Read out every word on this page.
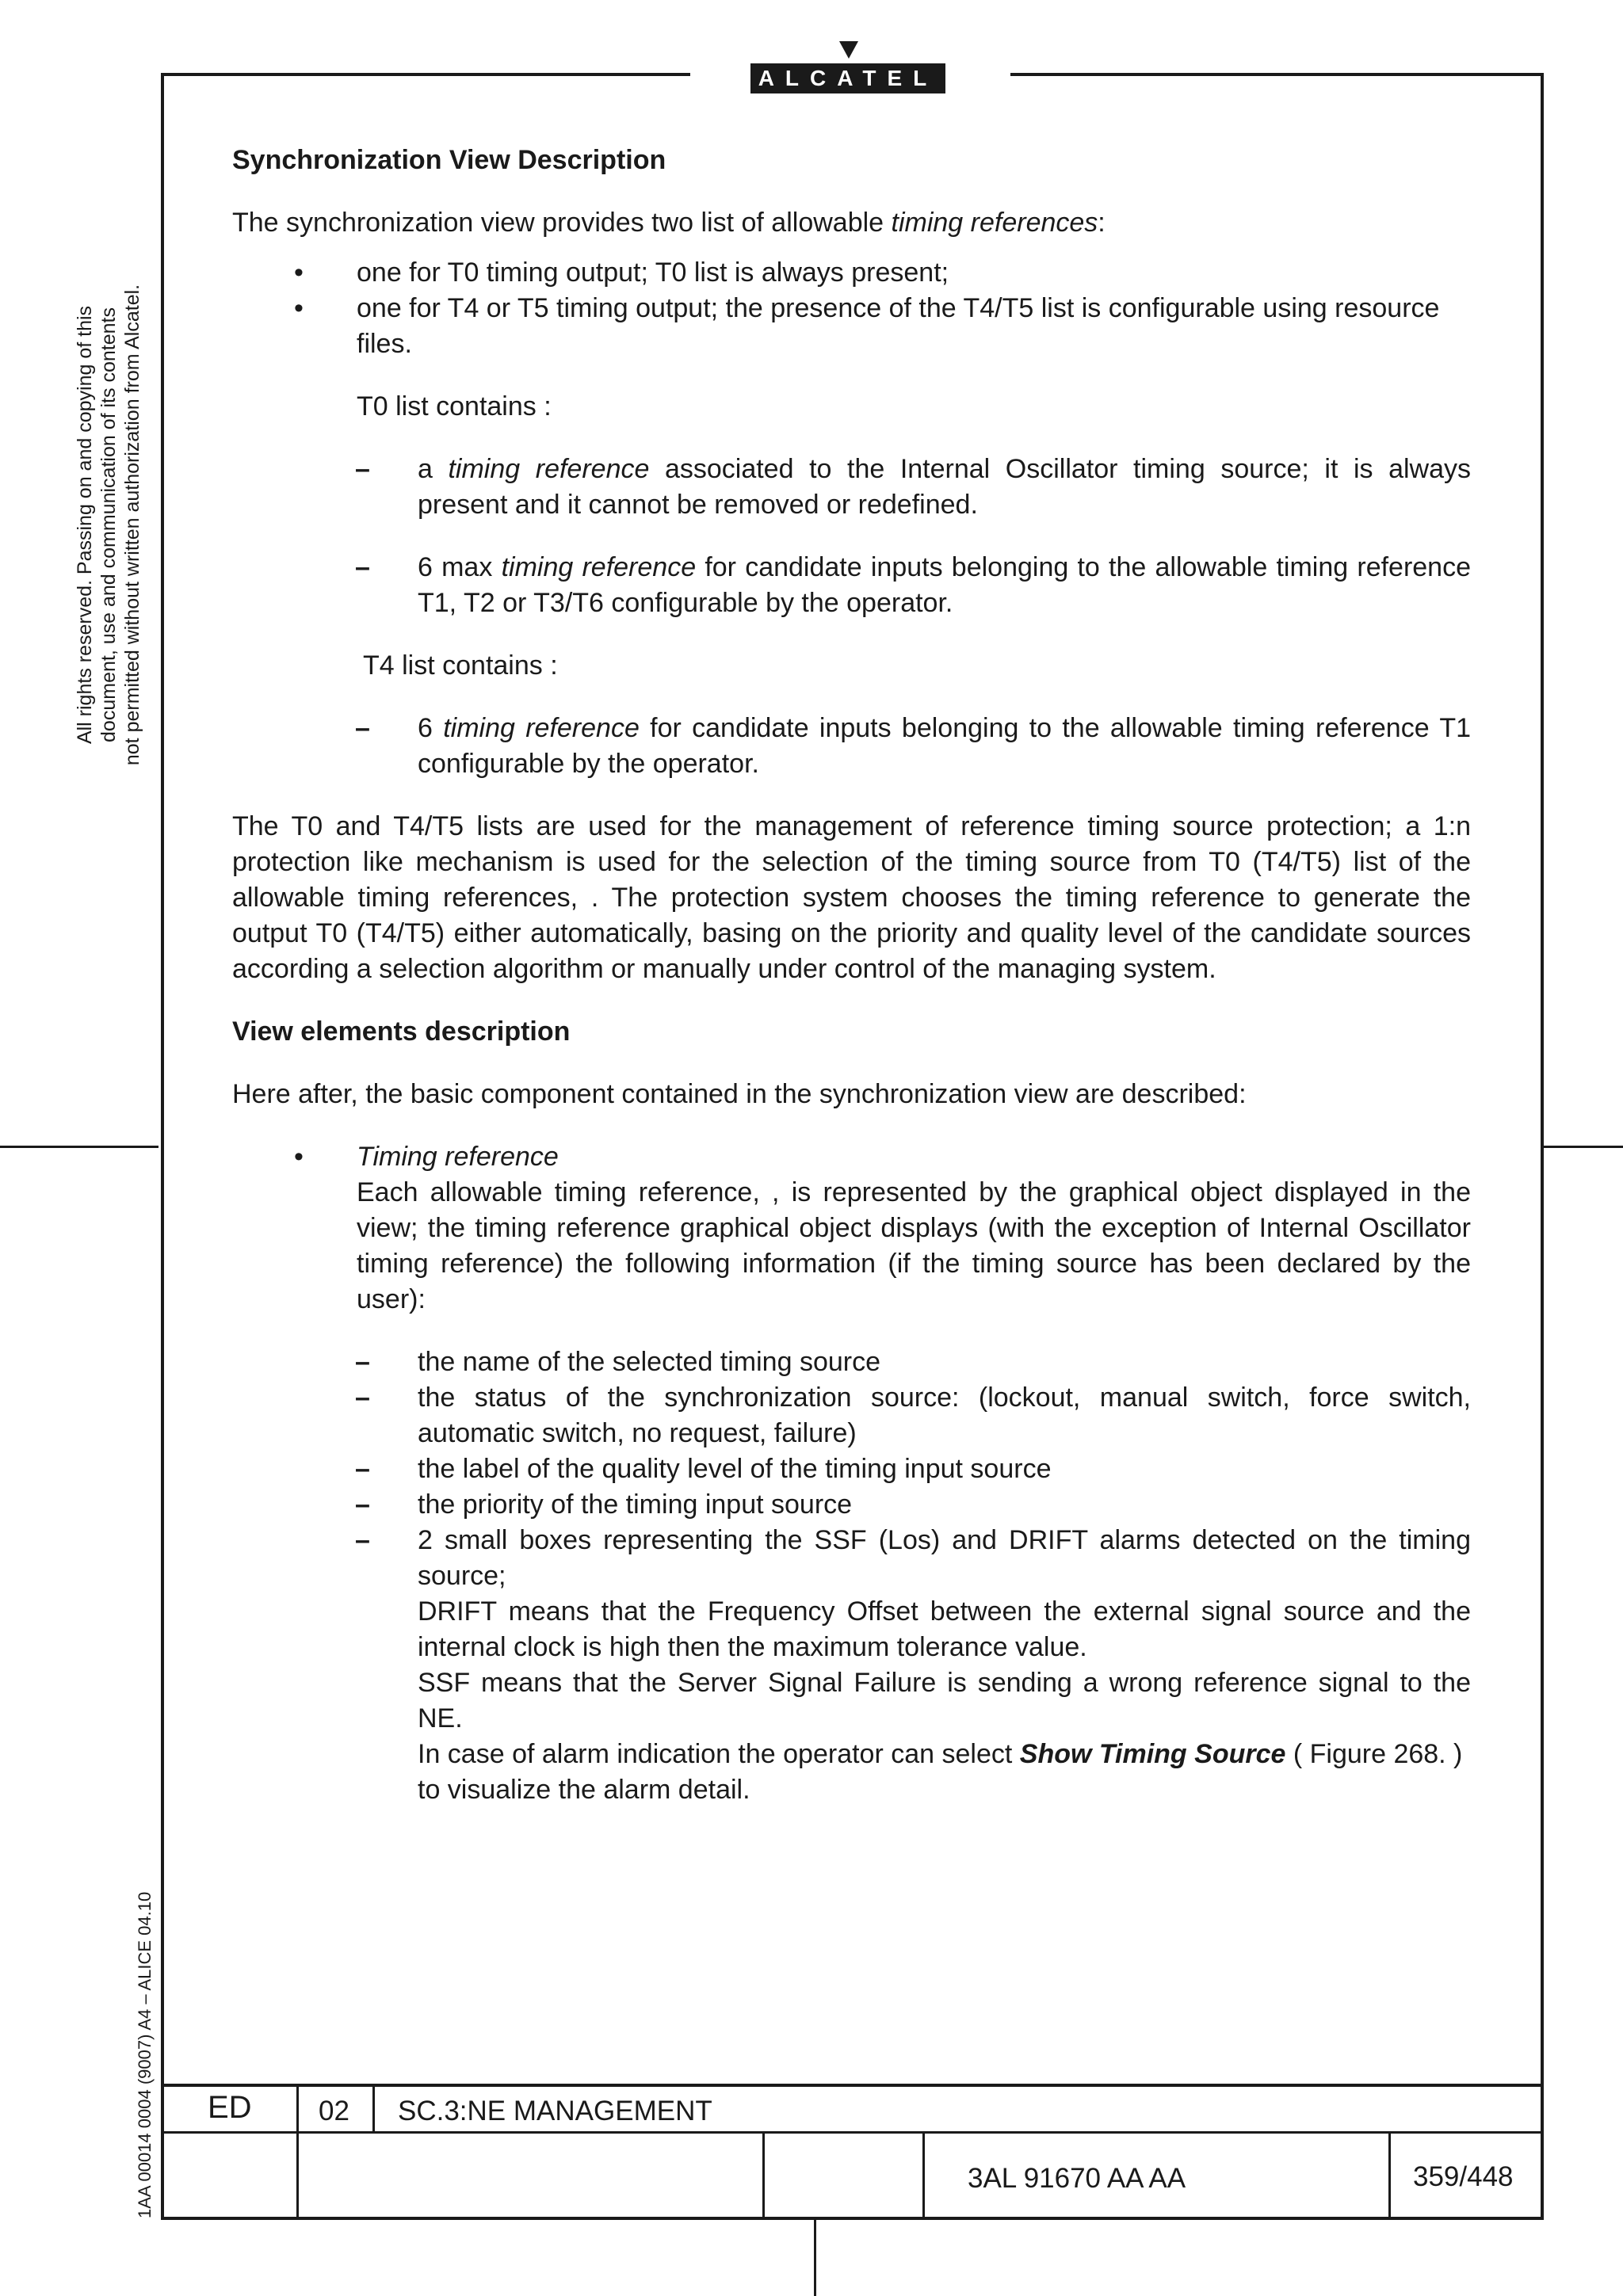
ALCATEL
All rights reserved. Passing on and copying of this document, use and communication of its contents not permitted without written authorization from Alcatel.
1AA 00014 0004 (9007) A4 – ALICE 04.10

Synchronization View Description

The synchronization view provides two list of allowable timing references:

• one for T0 timing output; T0 list is always present;
• one for T4 or T5 timing output; the presence of the T4/T5 list is configurable using resource files.

T0 list contains :

– a timing reference associated to the Internal Oscillator timing source; it is always present and it cannot be removed or redefined.
– 6 max timing reference for candidate inputs belonging to the allowable timing reference T1, T2 or T3/T6 configurable by the operator.

T4 list contains :

– 6 timing reference for candidate inputs belonging to the allowable timing reference T1 configurable by the operator.

The T0 and T4/T5 lists are used for the management of reference timing source protection; a 1:n protection like mechanism is used for the selection of the timing source from T0 (T4/T5) list of the allowable timing references, . The protection system chooses the timing reference to generate the output T0 (T4/T5) either automatically, basing on the priority and quality level of the candidate sources according a selection algorithm or manually under control of the managing system.

View elements description

Here after, the basic component contained in the synchronization view are described:

• Timing reference
Each allowable timing reference, , is represented by the graphical object displayed in the view; the timing reference graphical object displays (with the exception of Internal Oscillator timing reference) the following information (if the timing source has been declared by the user):
– the name of the selected timing source
– the status of the synchronization source: (lockout, manual switch, force switch, automatic switch, no request, failure)
– the label of the quality level of the timing input source
– the priority of the timing input source
– 2 small boxes representing the SSF (Los) and DRIFT alarms detected on the timing source;
DRIFT means that the Frequency Offset between the external signal source and the internal clock is high then the maximum tolerance value.
SSF means that the Server Signal Failure is sending a wrong reference signal to the NE.
In case of alarm indication the operator can select Show Timing Source ( Figure 268. )
to visualize the alarm detail.
ED 02 SC.3:NE MANAGEMENT
3AL 91670 AA AA	359/448
